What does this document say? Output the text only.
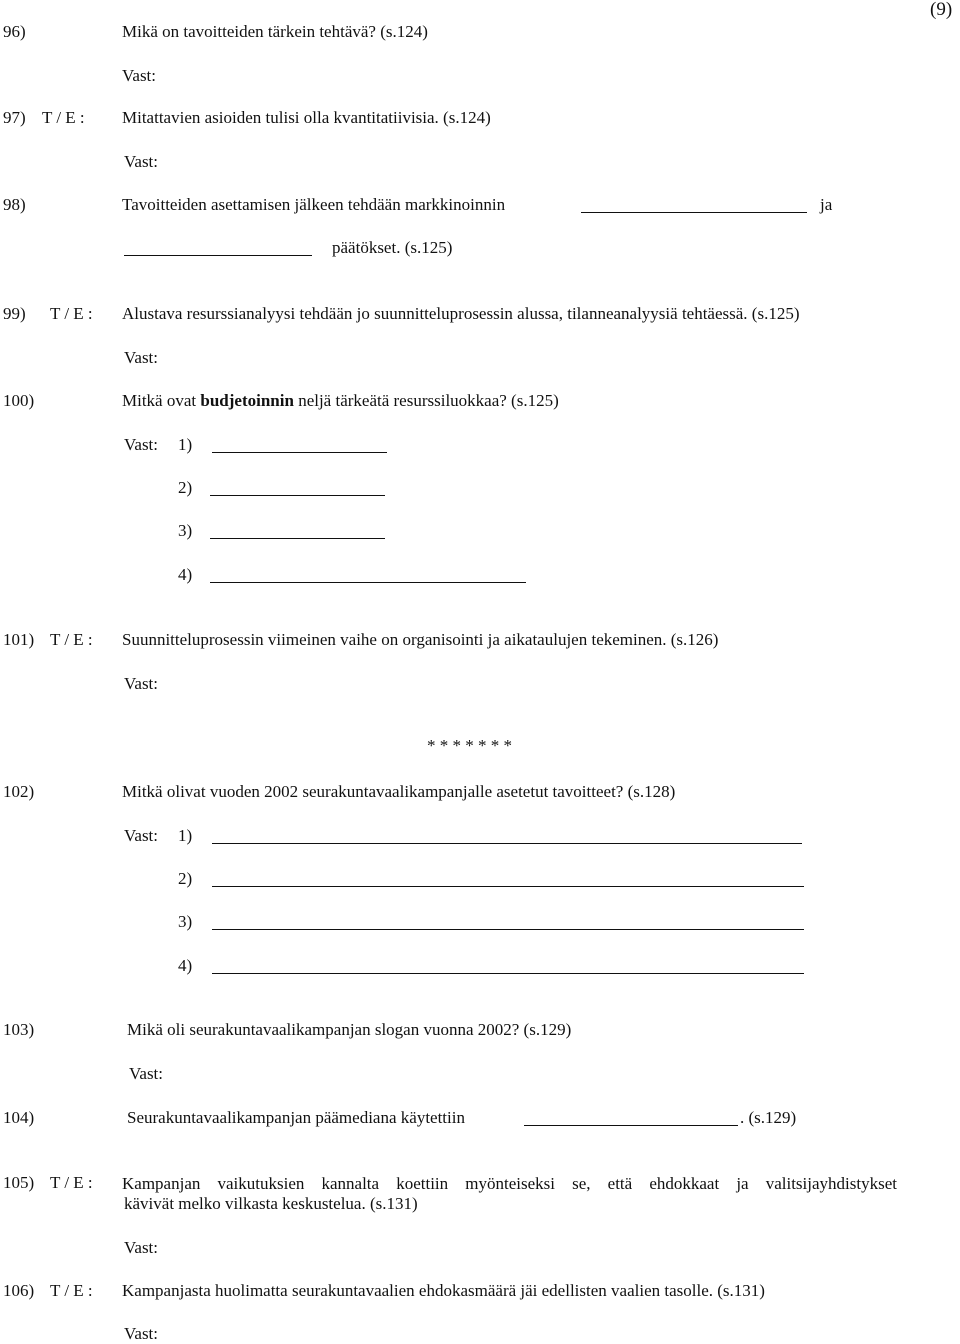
(9)
96)	Mikä on tavoitteiden tärkein tehtävä? (s.124)
Vast:
97) T / E : Mitattavien asioiden tulisi olla kvantitatiivisia. (s.124)
Vast:
98)	Tavoitteiden asettamisen jälkeen tehdään markkinoinnin	ja
päätökset. (s.125)
99) T / E : Alustava resurssianalyysi tehdään jo suunnitteluprosessin alussa, tilanneanalyysiä tehtäessä. (s.125)
Vast:
100)	Mitkä ovat budjetoinnin neljä tärkeätä resurssiluokkaa? (s.125)
Vast: 1)
2)
3)
4)
101) T / E : Suunnitteluprosessin viimeinen vaihe on organisointi ja aikataulujen tekeminen. (s.126)
Vast:
* * * * * * *
102)	Mitkä olivat vuoden 2002 seurakuntavaalikampanjalle asetetut tavoitteet? (s.128)
Vast: 1)
2)
3)
4)
103)	Mikä oli seurakuntavaalikampanjan slogan vuonna 2002? (s.129)
Vast:
104)	Seurakuntavaalikampanjan päämediana käytettiin	. (s.129)
105) T / E : Kampanjan vaikutuksien kannalta koettiin myönteiseksi se, että ehdokkaat ja valitsijayhdistykset
kävivät melko vilkasta keskustelua. (s.131)
Vast:
106) T / E : Kampanjasta huolimatta seurakuntavaalien ehdokasmäärä jäi edellisten vaalien tasolle. (s.131)
Vast:
